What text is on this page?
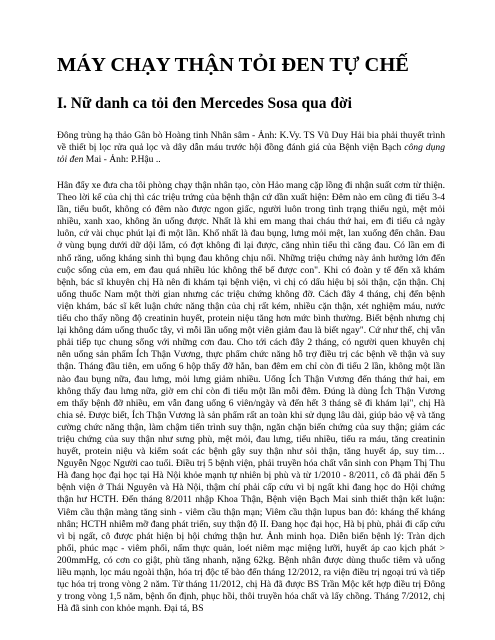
MÁY CHẠY THẬN TỎI ĐEN TỰ CHẾ
I. Nữ danh ca tỏi đen Mercedes Sosa qua đời

Đông trùng hạ thảo Gân bò Hoàng tinh Nhân sâm - Ảnh: K.Vy. TS Vũ Duy Hải bia phải thuyết trình về thiết bị lọc rửa quả lọc và dây dẫn máu trước hội đồng đánh giá của Bệnh viện Bạch công dụng tỏi đen Mai - Ảnh: P.Hậu ..

Hân đẩy xe đưa cha tôi phòng chạy thận nhân tạo, còn Hảo mang cặp lồng đi nhận suất cơm từ thiện. Theo lời kể của chị thì các triệu trứng của bệnh thận cứ dần xuất hiện: Đêm nào em cũng đi tiểu 3-4 lần, tiểu buốt, không có đêm nào được ngon giấc, người luôn trong tình trạng thiếu ngủ, mệt mỏi nhiều, xanh xao, không ăn uống được. Nhất là khi em mang thai cháu thứ hai, em đi tiểu cả ngày luôn, cứ vài chục phút lại đi một lần. Khổ nhất là đau bụng, lưng mỏi mệt, lan xuống đến chân. Đau ở vùng bụng dưới dữ dội lắm, có đợt không đi lại được, căng nhìn tiểu thì căng đau. Có lần em đi nhổ răng, uống kháng sinh thì bụng đau không chịu nổi. Những triệu chứng này ảnh hưởng lớn đến cuộc sống của em, em đau quá nhiều lúc không thể bế được con". Khi có đoàn y tế đến xã khám bệnh, bác sĩ khuyên chị Hà nên đi khám tại bệnh viện, vì chị có dấu hiệu bị sỏi thận, cặn thận. Chị uống thuốc Nam một thời gian nhưng các triệu chứng không đỡ. Cách đây 4 tháng, chị đến bệnh viện khám, bác sĩ kết luận chức năng thận của chị rất kém, nhiều cặn thận, xét nghiệm máu, nước tiểu cho thấy nồng độ creatinin huyết, protein niệu tăng hơn mức bình thường. Biết bệnh nhưng chị lại không dám uống thuốc tây, vì mỗi lần uống một viên giảm đau là biết ngay". Cứ như thế, chị vẫn phải tiếp tục chung sống với những cơn đau. Cho tới cách đây 2 tháng, có người quen khuyên chị nên uống sản phẩm Ích Thận Vương, thực phẩm chức năng hỗ trợ điều trị các bệnh về thận và suy thận. Tháng đầu tiên, em uống 6 hộp thấy đỡ hẳn, ban đêm em chỉ còn đi tiểu 2 lần, không một lần nào đau bụng nữa, đau lưng, mỏi lưng giảm nhiều. Uống Ích Thận Vương đến tháng thứ hai, em không thấy đau lưng nữa, giờ em chỉ còn đi tiểu một lần mỗi đêm. Đúng là dùng Ích Thận Vương em thấy bệnh đỡ nhiều, em vẫn đang uống 6 viên/ngày và đến hết 3 tháng sẽ đi khám lại", chị Hà chia sẻ. Được biết, Ích Thận Vương là sản phẩm rất an toàn khi sử dụng lâu dài, giúp bảo vệ và tăng cường chức năng thận, làm chậm tiến trình suy thận, ngăn chặn biến chứng của suy thận; giảm các triệu chứng của suy thận như sưng phù, mệt mỏi, đau lưng, tiểu nhiều, tiểu ra máu, tăng creatinin huyết, protein niệu và kiểm soát các bệnh gây suy thận như sỏi thận, tăng huyết áp, suy tim…Nguyễn Ngọc Người cao tuổi. Điều trị 5 bệnh viện, phải truyền hóa chất vẫn sinh con Phạm Thị Thu Hà đang học đại học tại Hà Nội khỏe mạnh tự nhiên bị phù và từ 1/2010 - 8/2011, cô đã phải đến 5 bệnh viện ở Thái Nguyên và Hà Nội, thậm chí phải cấp cứu vì bị ngất khi đang học do Hội chứng thận hư HCTH. Đến tháng 8/2011 nhập Khoa Thận, Bệnh viện Bạch Mai sinh thiết thận kết luận: Viêm cầu thận màng tăng sinh - viêm cầu thận mạn; Viêm cầu thận lupus ban đỏ: kháng thể kháng nhân; HCTH nhiễm mỡ đang phát triển, suy thận độ II. Đang học đại học, Hà bị phù, phải đi cấp cứu vì bị ngất, cô được phát hiện bị hội chứng thận hư. Ảnh minh họa. Diễn biến bệnh lý: Tràn dịch phổi, phúc mạc - viêm phổi, nấm thực quản, loét niêm mạc miệng lưỡi, huyết áp cao kịch phát > 200mmHg, có cơn co giật, phù tăng nhanh, nặng 62kg. Bệnh nhân được dùng thuốc tiêm và uống liều mạnh, lọc máu ngoài thận, hóa trị độc tế bào đến tháng 12/2012, ra viện điều trị ngoại trú và tiếp tục hóa trị trong vòng 2 năm. Từ tháng 11/2012, chị Hà đã được BS Trần Mộc kết hợp điều trị Đông y trong vòng 1,5 năm, bệnh ổn định, phục hồi, thôi truyền hóa chất và lấy chồng. Tháng 7/2012, chị Hà đã sinh con khỏe mạnh. Đại tá, BS
